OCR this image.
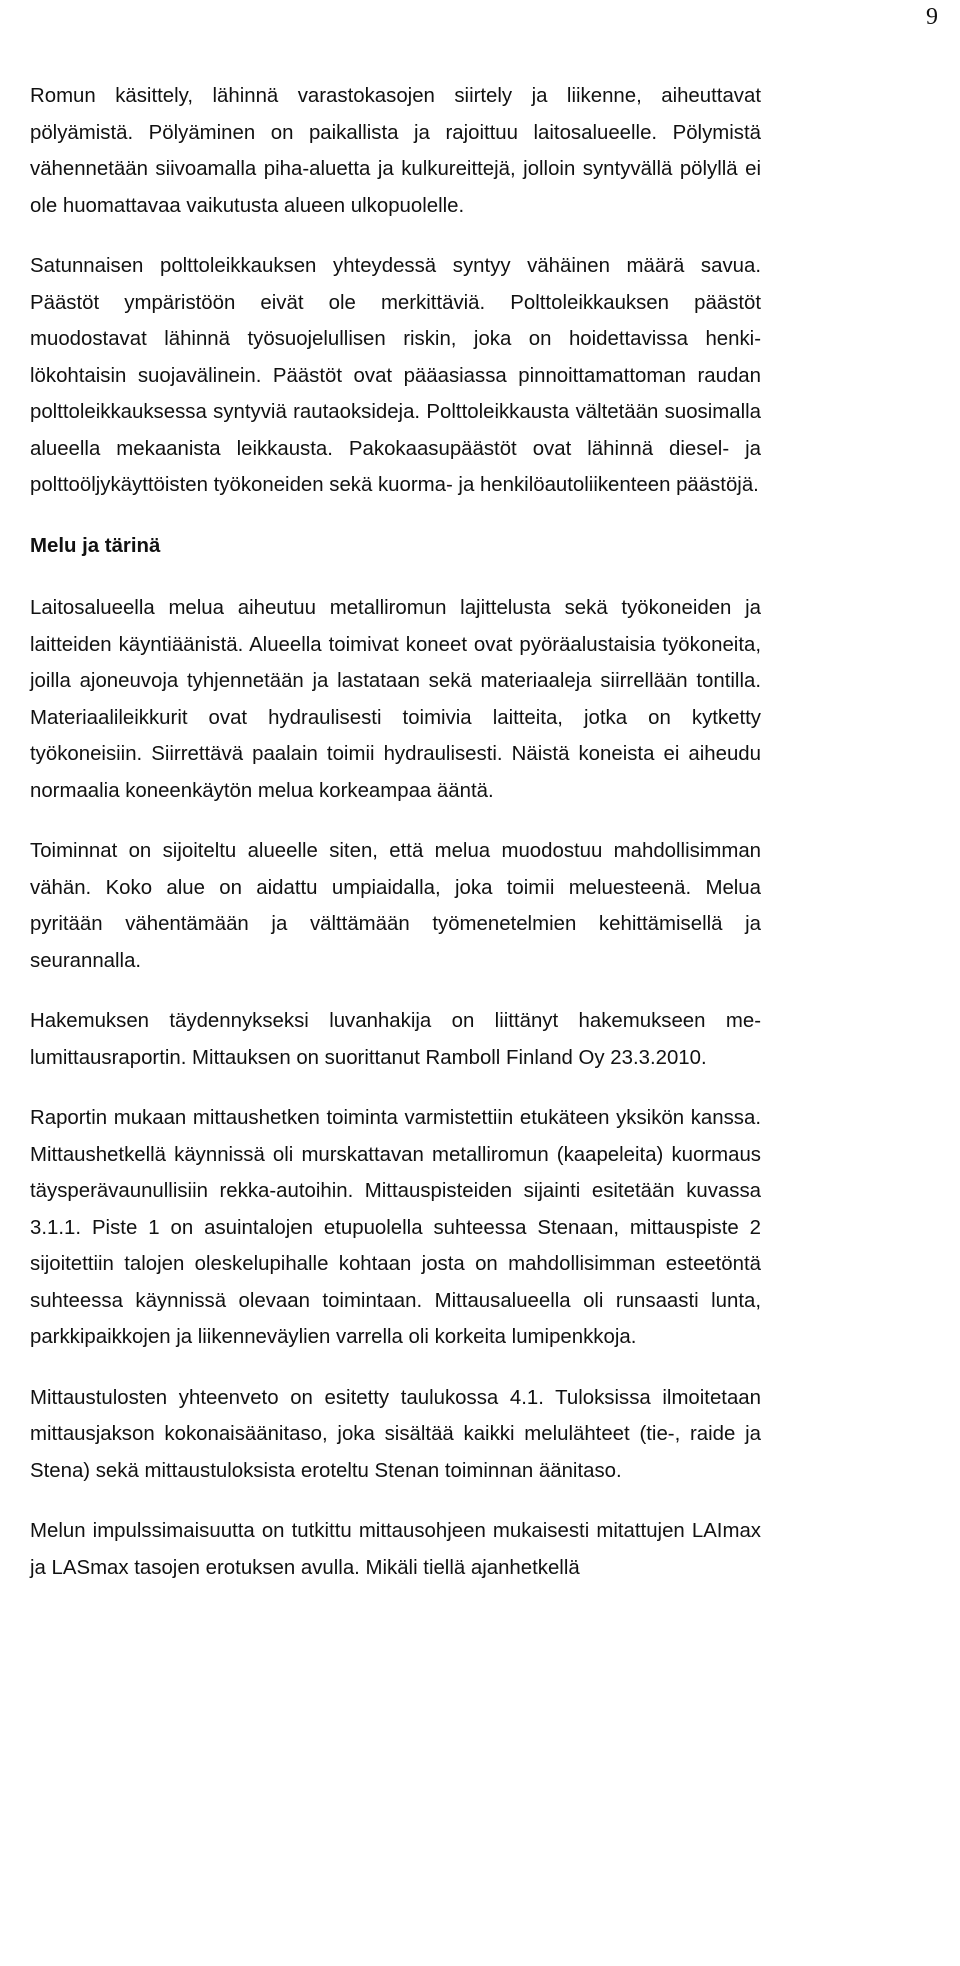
9

Romun käsittely, lähinnä varastokasojen siirtely ja liikenne, aiheuttavat pölyämistä. Pölyäminen on paikallista ja rajoittuu laitosalueelle. Pölymistä vähennetään siivoamalla piha-aluetta ja kulkureittejä, jolloin syntyvällä pölyllä ei ole huomattavaa vaikutusta alueen ulkopuolelle.

Satunnaisen polttoleikkauksen yhteydessä syntyy vähäinen määrä savua. Päästöt ympäristöön eivät ole merkittäviä. Polttoleikkauksen päästöt muodostavat lähinnä työsuojelullisen riskin, joka on hoidettavissa henkilökohtaisin suojavälinein. Päästöt ovat pääasiassa pinnoittamattoman raudan polttoleikkauksessa syntyviä rautaoksideja. Polttoleikkausta vältetään suosimalla alueella mekaanista leikkausta. Pakokaasupäästöt ovat lähinnä diesel- ja polttoöljykäyttöisten työkoneiden sekä kuorma- ja henkilöautoliikenteen päästöjä.

Melu ja tärinä

Laitosalueella melua aiheutuu metalliromun lajittelusta sekä työkoneiden ja laitteiden käyntiäänistä. Alueella toimivat koneet ovat pyöräalustaisia työkoneita, joilla ajoneuvoja tyhjennetään ja lastataan sekä materiaaleja siirrellään tontilla. Materiaalileikkurit ovat hydraulisesti toimivia laitteita, jotka on kytketty työkoneisiin. Siirrettävä paalain toimii hydraulisesti. Näistä koneista ei aiheudu normaalia koneenkäytön melua korkeampaa ääntä.

Toiminnat on sijoiteltu alueelle siten, että melua muodostuu mahdollisimman vähän. Koko alue on aidattu umpiaidalla, joka toimii meluesteenä. Melua pyritään vähentämään ja välttämään työmenetelmien kehittämisellä ja seurannalla.

Hakemuksen täydennykseksi luvanhakija on liittänyt hakemukseen melumittausraportin. Mittauksen on suorittanut Ramboll Finland Oy 23.3.2010.

Raportin mukaan mittaushetken toiminta varmistettiin etukäteen yksikön kanssa. Mittaushetkellä käynnissä oli murskattavan metalliromun (kaapeleita) kuormaus täysperävaunullisiin rekka-autoihin. Mittauspisteiden sijainti esitetään kuvassa 3.1.1. Piste 1 on asuintalojen etupuolella suhteessa Stenaan, mittauspiste 2 sijoitettiin talojen oleskelupihalle kohtaan josta on mahdollisimman esteetöntä suhteessa käynnissä olevaan toimintaan. Mittausalueella oli runsaasti lunta, parkkipaikkojen ja liikenneväylien varrella oli korkeita lumipenkkoja.

Mittaustulosten yhteenveto on esitetty taulukossa 4.1. Tuloksissa ilmoitetaan mittausjakson kokonaisäänitaso, joka sisältää kaikki melulähteet (tie-, raide ja Stena) sekä mittaustuloksista eroteltu Stenan toiminnan äänitaso.

Melun impulssimaisuutta on tutkittu mittausohjeen mukaisesti mitattujen LAImax ja LASmax tasojen erotuksen avulla. Mikäli tiellä ajanhetkellä
